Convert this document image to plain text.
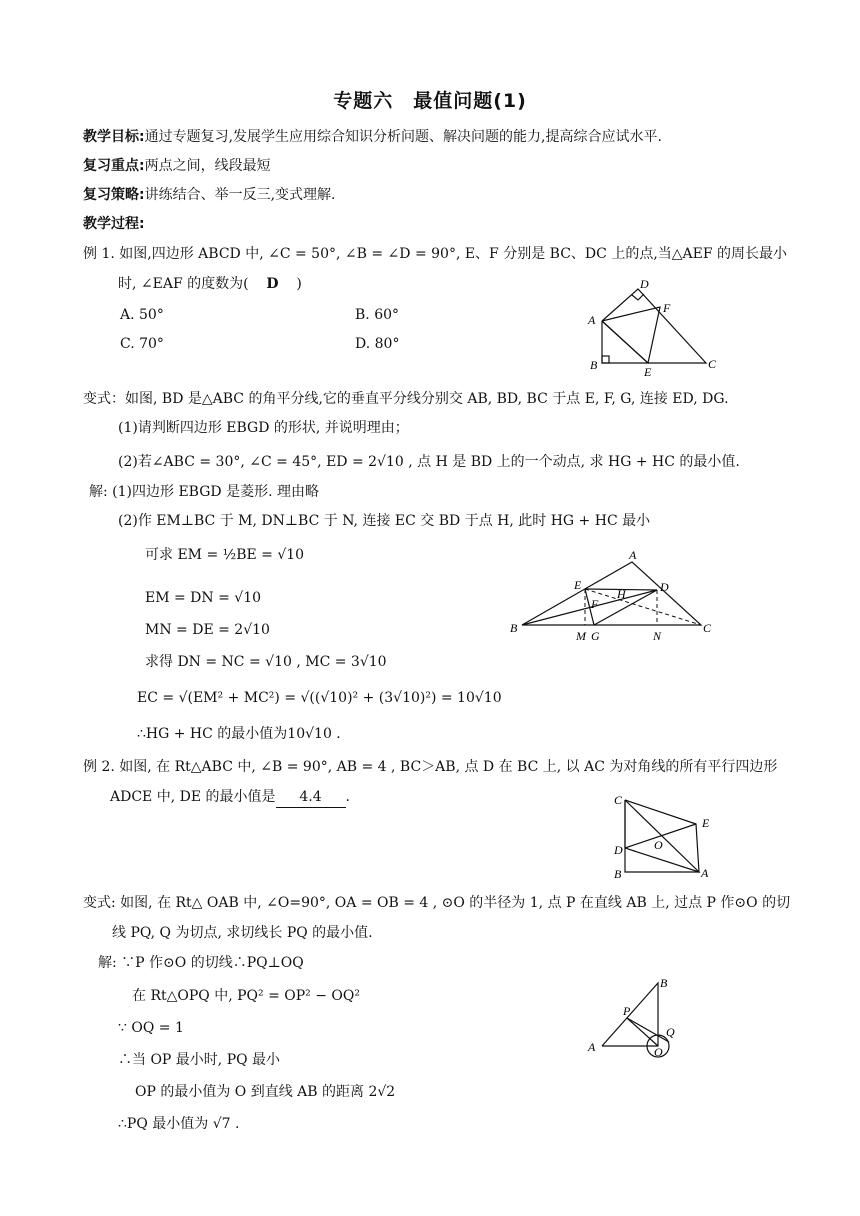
专题六　最值问题(1)
教学目标:通过专题复习,发展学生应用综合知识分析问题、解决问题的能力,提高综合应试水平.
复习重点:两点之间，线段最短
复习策略:讲练结合、举一反三,变式理解.
教学过程:
例 1. 如图,四边形 ABCD 中, ∠C = 50°, ∠B = ∠D = 90°, E、F 分别是 BC、DC 上的点,当△AEF 的周长最小
时, ∠EAF 的度数为( D )
A. 50°	B. 60°
C. 70°	D. 80°
A
B	C
D
E
F
变式：如图, BD 是△ABC 的角平分线,它的垂直平分线分别交 AB, BD, BC 于点 E, F, G, 连接 ED, DG.
(1)请判断四边形 EBGD 的形状, 并说明理由；
(2)若∠ABC = 30°, ∠C = 45°, ED = 2√10 , 点 H 是 BD 上的一个动点, 求 HG + HC 的最小值.
解: (1)四边形 EBGD 是菱形. 理由略
(2)作 EM⊥BC 于 M, DN⊥BC 于 N, 连接 EC 交 BD 于点 H, 此时 HG + HC 最小
可求 EM = ½BE = √10
EM = DN = √10
MN = DE = 2√10
求得 DN = NC = √10 , MC = 3√10
EC = √(EM² + MC²) = √((√10)² + (3√10)²) = 10√10
∴HG + HC 的最小值为10√10 .
B
A
C
E	D
F
H
M G	N
例 2. 如图, 在 Rt△ABC 中, ∠B = 90°, AB = 4 , BC＞AB, 点 D 在 BC 上, 以 AC 为对角线的所有平行四边形
ADCE 中, DE 的最小值是 4.4 .	C
E
D	O
B	A
变式: 如图, 在 Rt△ OAB 中, ∠O=90°, OA = OB = 4 , ⊙O 的半径为 1, 点 P 在直线 AB 上, 过点 P 作⊙O 的切
线 PQ, Q 为切点, 求切线长 PQ 的最小值.
解: ∵P 作⊙O 的切线∴PQ⊥OQ
在 Rt△OPQ 中, PQ² = OP² − OQ²
∵ OQ = 1
∴当 OP 最小时, PQ 最小
OP 的最小值为 O 到直线 AB 的距离 2√2
∴PQ 最小值为 √7 .
A
B
P
Q
O
